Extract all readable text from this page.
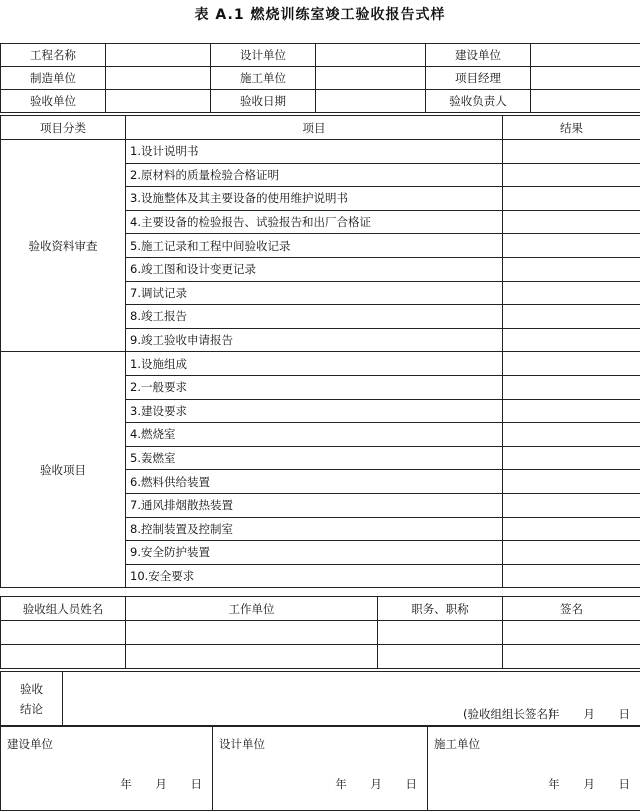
表 A.1 燃烧训练室竣工验收报告式样
工程名称		设计单位		建设单位	
制造单位		施工单位		项目经理	
验收单位		验收日期		验收负责人	
项目分类	项目	结果
验收资料审查	1.设计说明书	
	2.原材料的质量检验合格证明	
	3.设施整体及其主要设备的使用维护说明书	
	4.主要设备的检验报告、试验报告和出厂合格证	
	5.施工记录和工程中间验收记录	
	6.竣工图和设计变更记录	
	7.调试记录	
	8.竣工报告	
	9.竣工验收申请报告	
验收项目	1.设施组成	
	2.一般要求	
	3.建设要求	
	4.燃烧室	
	5.轰燃室	
	6.燃料供给装置	
	7.通风排烟散热装置	
	8.控制装置及控制室	
	9.安全防护装置	
	10.安全要求	
验收组人员姓名	工作单位	职务、职称	签名

验收
结论	(验收组组长签名)
年 月 日
建设单位
年 月 日

设计单位
年 月 日

施工单位
年 月 日
